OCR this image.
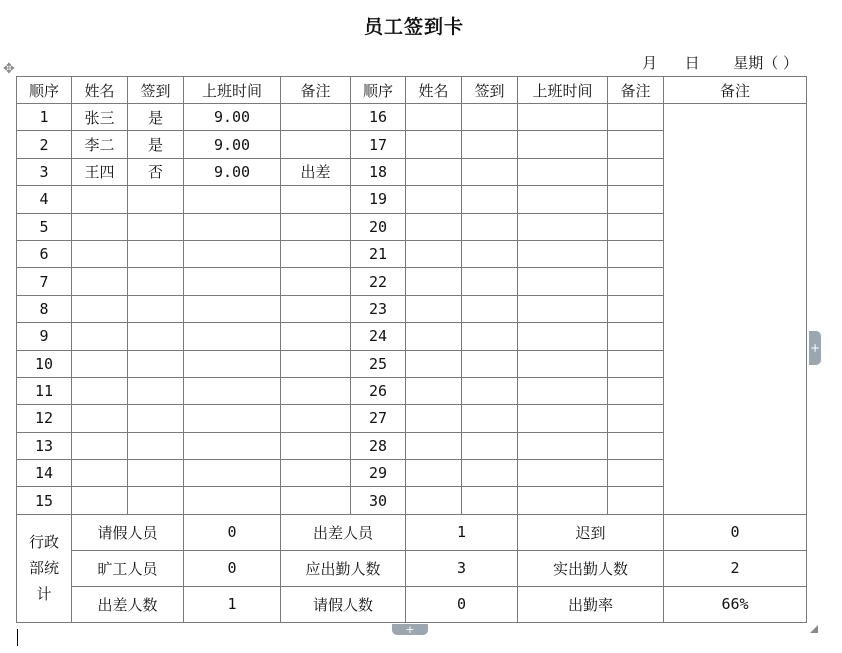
员工签到卡
月 日 星期（ ）
✥
顺序	姓名	签到	上班时间	备注	顺序	姓名	签到	上班时间	备注	备注
1	张三	是	9.00		16					
2	李二	是	9.00		17					
3	王四	否	9.00	出差	18					
4					19					
5					20					
6					21					
7					22					
8					23					
9					24					
10					25					
11					26					
12					27					
13					28					
14					29					
15					30					
行政部统计	请假人员		0	出差人员		1		迟到		0
	旷工人员		0	应出勤人数		3		实出勤人数		2
	出差人数		1	请假人数		0		出勤率		66%
+
+
